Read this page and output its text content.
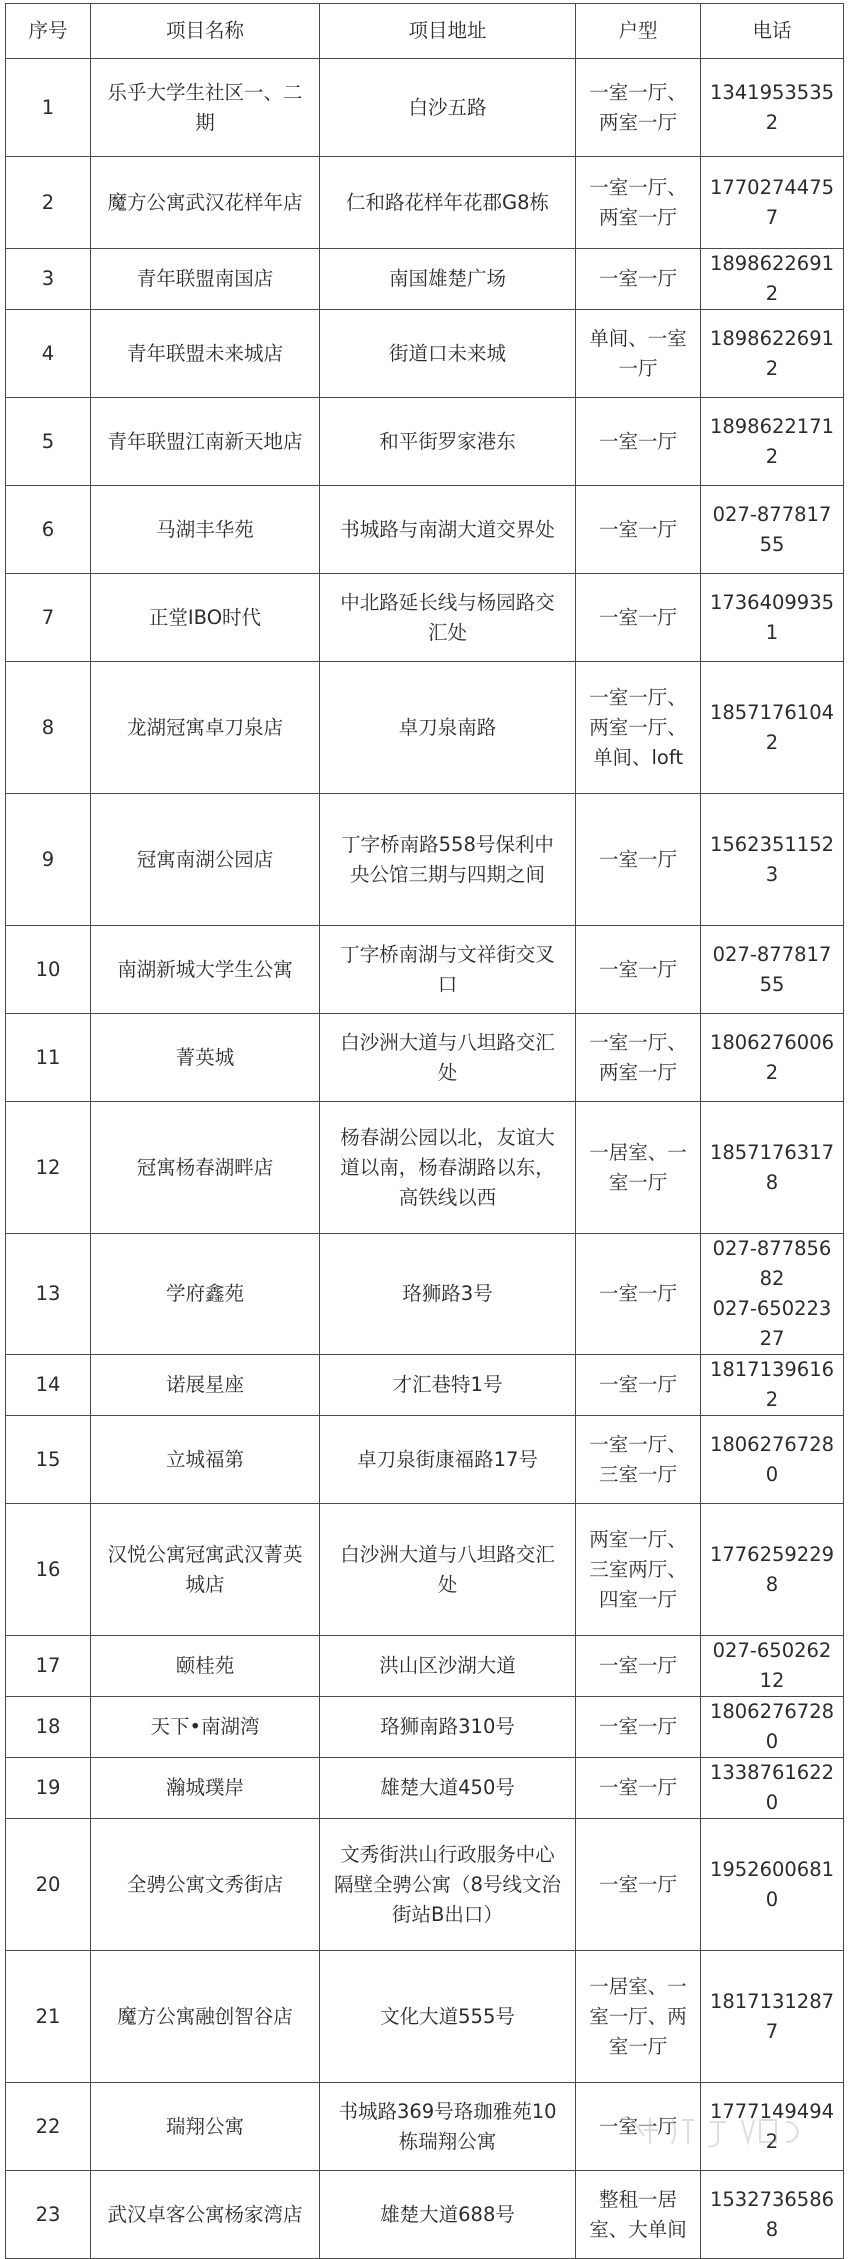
序号	项目名称	项目地址	户型	电话

1	乐乎大学生社区一、二期	白沙五路	一室一厅、两室一厅	13419535352

2	魔方公寓武汉花样年店	仁和路花样年花郡G8栋	一室一厅、两室一厅	17702744757

3	青年联盟南国店	南国雄楚广场	一室一厅	18986226912

4	青年联盟未来城店	街道口未来城	单间、一室一厅	18986226912

5	青年联盟江南新天地店	和平街罗家港东	一室一厅	18986221712

6	马湖丰华苑	书城路与南湖大道交界处	一室一厅	027-87781755

7	正堂IBO时代	中北路延长线与杨园路交汇处	一室一厅	17364099351

8	龙湖冠寓卓刀泉店	卓刀泉南路	一室一厅、两室一厅、单间、loft	18571761042

9	冠寓南湖公园店	丁字桥南路558号保利中央公馆三期与四期之间	一室一厅	15623511523

10	南湖新城大学生公寓	丁字桥南湖与文祥街交叉口	一室一厅	027-87781755

11	菁英城	白沙洲大道与八坦路交汇处	一室一厅、两室一厅	18062760062

12	冠寓杨春湖畔店	杨春湖公园以北，友谊大道以南，杨春湖路以东，高铁线以西	一居室、一室一厅	18571763178

13	学府鑫苑	珞狮路3号	一室一厅	027-87785682
027-65022327

14	诺展星座	才汇巷特1号	一室一厅	18171396162

15	立城福第	卓刀泉街康福路17号	一室一厅、三室一厅	18062767280

16	汉悦公寓冠寓武汉菁英城店	白沙洲大道与八坦路交汇处	两室一厅、三室两厅、四室一厅	17762592298

17	颐桂苑	洪山区沙湖大道	一室一厅	027-65026212

18	天下•南湖湾	珞狮南路310号	一室一厅	18062767280

19	瀚城璞岸	雄楚大道450号	一室一厅	13387616220

20	全骋公寓文秀街店	文秀街洪山行政服务中心隔壁全骋公寓（8号线文治街站B出口）	一室一厅	19526006810

21	魔方公寓融创智谷店	文化大道555号	一居室、一室一厅、两室一厅	18171312877

22	瑞翔公寓	书城路369号珞珈雅苑10栋瑞翔公寓	一室一厅	17771494942

23	武汉卓客公寓杨家湾店	雄楚大道688号	整租一居室、大单间	15327365868
